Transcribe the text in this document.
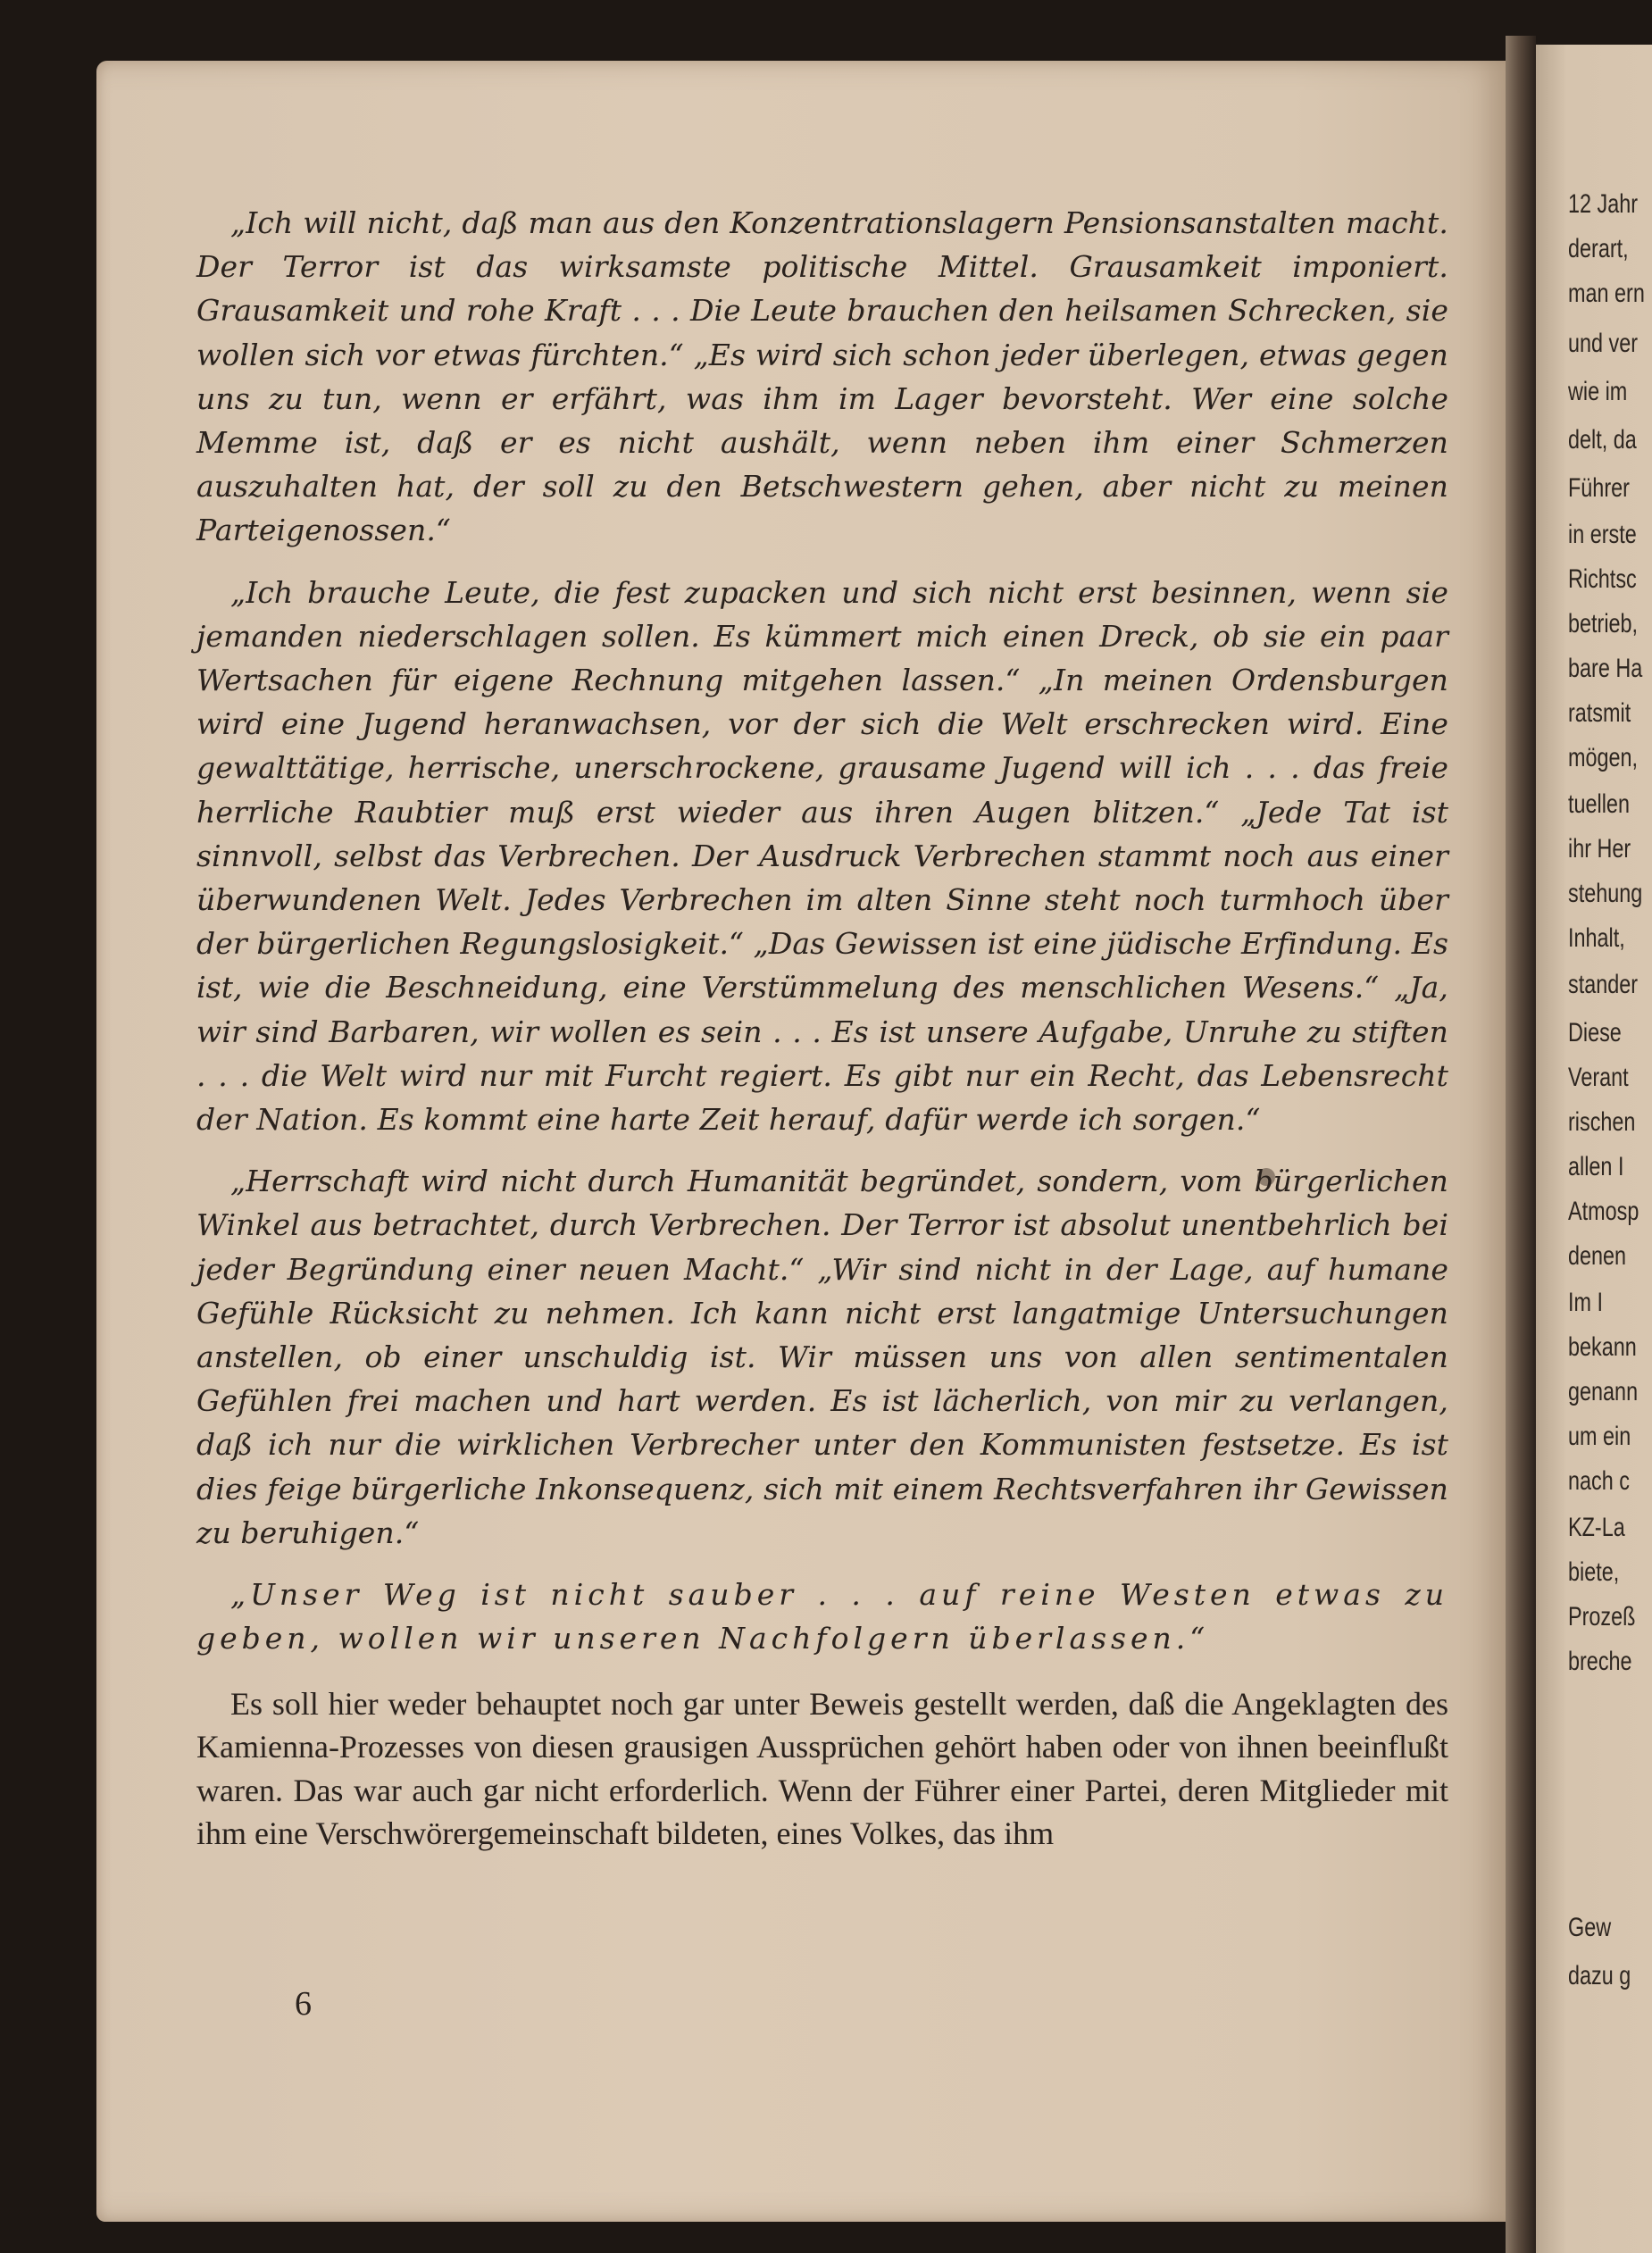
„Ich will nicht, daß man aus den Konzentrationslagern Pensionsanstalten macht. Der Terror ist das wirksamste politische Mittel. Grausamkeit imponiert. Grausamkeit und rohe Kraft . . . Die Leute brauchen den heilsamen Schrecken, sie wollen sich vor etwas fürchten.“ „Es wird sich schon jeder überlegen, etwas gegen uns zu tun, wenn er erfährt, was ihm im Lager bevorsteht. Wer eine solche Memme ist, daß er es nicht aushält, wenn neben ihm einer Schmerzen auszuhalten hat, der soll zu den Betschwestern gehen, aber nicht zu meinen Parteigenossen.“

„Ich brauche Leute, die fest zupacken und sich nicht erst besinnen, wenn sie jemanden niederschlagen sollen. Es kümmert mich einen Dreck, ob sie ein paar Wertsachen für eigene Rechnung mitgehen lassen.“ „In meinen Ordensburgen wird eine Jugend heranwachsen, vor der sich die Welt erschrecken wird. Eine gewalttätige, herrische, unerschrockene, grausame Jugend will ich . . . das freie herrliche Raubtier muß erst wieder aus ihren Augen blitzen.“ „Jede Tat ist sinnvoll, selbst das Verbrechen. Der Ausdruck Verbrechen stammt noch aus einer überwundenen Welt. Jedes Verbrechen im alten Sinne steht noch turmhoch über der bürgerlichen Regungslosigkeit.“ „Das Gewissen ist eine jüdische Erfindung. Es ist, wie die Beschneidung, eine Verstümmelung des menschlichen Wesens.“ „Ja, wir sind Barbaren, wir wollen es sein . . . Es ist unsere Aufgabe, Unruhe zu stiften . . . die Welt wird nur mit Furcht regiert. Es gibt nur ein Recht, das Lebensrecht der Nation. Es kommt eine harte Zeit herauf, dafür werde ich sorgen.“

„Herrschaft wird nicht durch Humanität begründet, sondern, vom bürgerlichen Winkel aus betrachtet, durch Verbrechen. Der Terror ist absolut unentbehrlich bei jeder Begründung einer neuen Macht.“ „Wir sind nicht in der Lage, auf humane Gefühle Rücksicht zu nehmen. Ich kann nicht erst langatmige Untersuchungen anstellen, ob einer unschuldig ist. Wir müssen uns von allen sentimentalen Gefühlen frei machen und hart werden. Es ist lächerlich, von mir zu verlangen, daß ich nur die wirklichen Verbrecher unter den Kommunisten festsetze. Es ist dies feige bürgerliche Inkonsequenz, sich mit einem Rechtsverfahren ihr Gewissen zu beruhigen.“

„Unser Weg ist nicht sauber . . . auf reine Westen etwas zu geben, wollen wir unseren Nachfolgern überlassen.“

Es soll hier weder behauptet noch gar unter Beweis gestellt werden, daß die Angeklagten des Kamienna-Prozesses von diesen grausigen Aussprüchen gehört haben oder von ihnen beeinflußt waren. Das war auch gar nicht erforderlich. Wenn der Führer einer Partei, deren Mitglieder mit ihm eine Verschwörergemeinschaft bildeten, eines Volkes, das ihm

6
12 Jahr
derart,
man ern
und ver
wie im
delt, da
Führer
in erste
Richtsc
betrieb,
bare Ha
ratsmit
mögen,
tuellen
ihr Her
stehung
Inhalt,
stander
Diese
Verant
rischen
allen I
Atmosp
denen
Im I
bekann
genann
um ein
nach c
KZ-La
biete,
Prozeß
breche
Gew
dazu g
